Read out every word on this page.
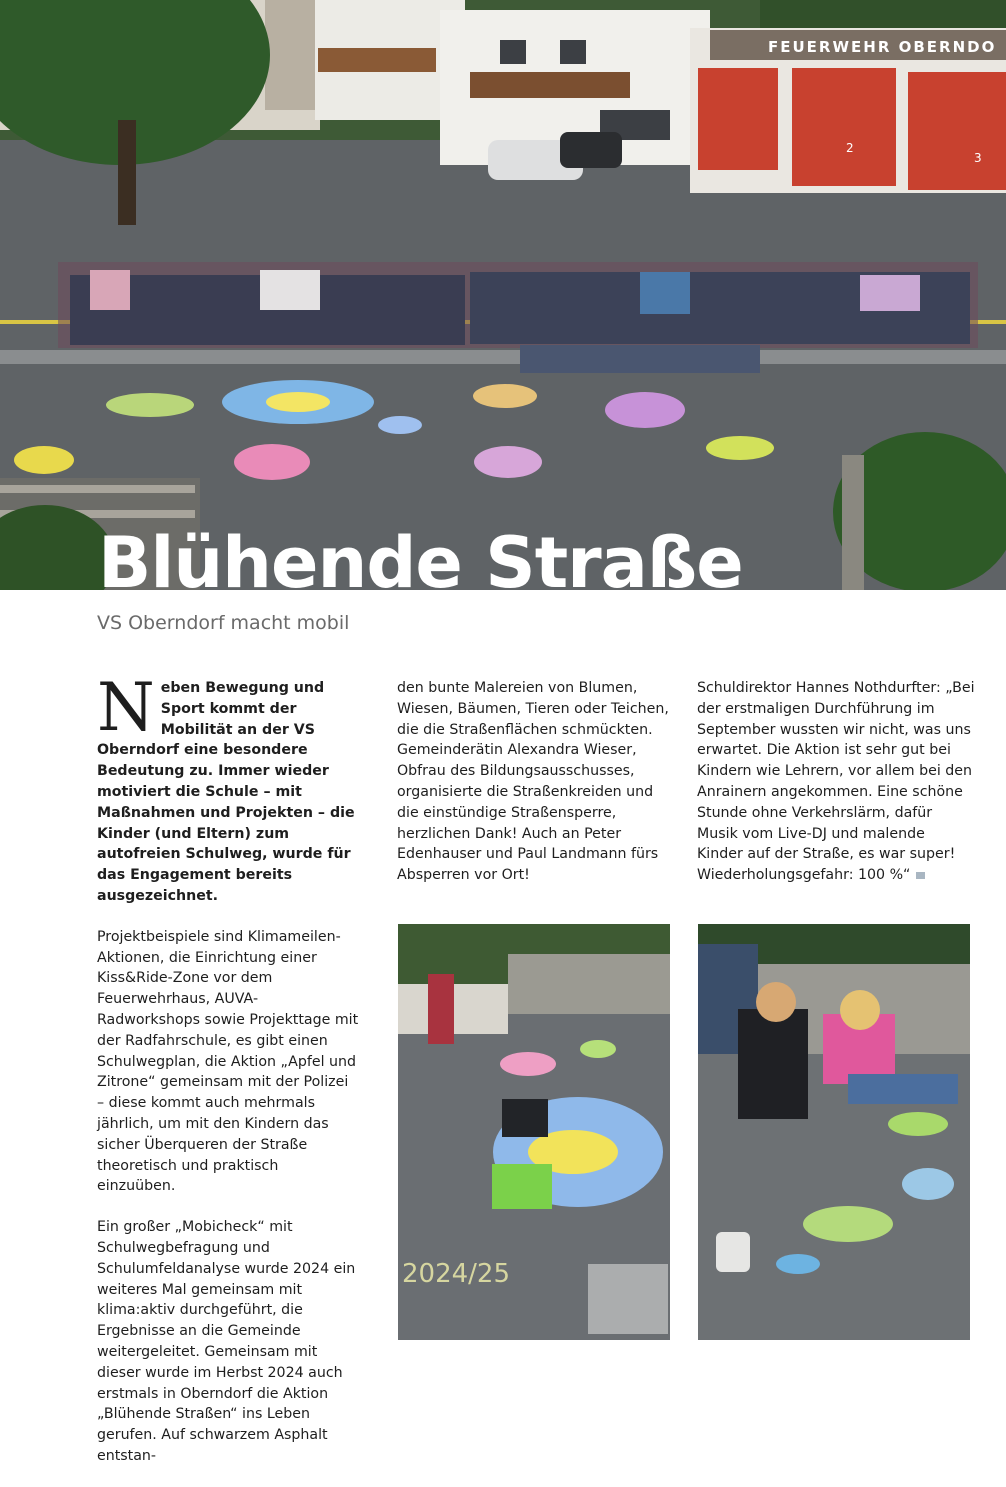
FEUERWEHR OBERNDO
2
3
Blühende Straße
VS Oberndorf macht mobil

Neben Bewegung und Sport kommt der Mobilität an der VS Oberndorf eine besondere Bedeutung zu. Immer wieder motiviert die Schule – mit Maßnahmen und Projekten – die Kinder (und Eltern) zum autofreien Schulweg, wurde für das Engagement bereits ausgezeichnet.

Projektbeispiele sind Klimameilen-Aktionen, die Einrichtung einer Kiss&Ride-Zone vor dem Feuerwehrhaus, AUVA-Radworkshops sowie Projekttage mit der Radfahrschule, es gibt einen Schulwegplan, die Aktion „Apfel und Zitrone“ gemeinsam mit der Polizei – diese kommt auch mehrmals jährlich, um mit den Kindern das sicher Überqueren der Straße theoretisch und praktisch einzuüben.

Ein großer „Mobicheck“ mit Schulwegbefragung und Schulumfeldanalyse wurde 2024 ein weiteres Mal gemeinsam mit klima:aktiv durchgeführt, die Ergebnisse an die Gemeinde weitergeleitet. Gemeinsam mit dieser wurde im Herbst 2024 auch erstmals in Oberndorf die Aktion „Blühende Straßen“ ins Leben gerufen. Auf schwarzem Asphalt entstan-

den bunte Malereien von Blumen, Wiesen, Bäumen, Tieren oder Teichen, die die Straßenflächen schmückten. Gemeinderätin Alexandra Wieser, Obfrau des Bildungsausschusses, organisierte die Straßenkreiden und die einstündige Straßensperre, herzlichen Dank! Auch an Peter Edenhauser und Paul Landmann fürs Absperren vor Ort!

Schuldirektor Hannes Nothdurfter: „Bei der erstmaligen Durchführung im September wussten wir nicht, was uns erwartet. Die Aktion ist sehr gut bei Kindern wie Lehrern, vor allem bei den Anrainern angekommen. Eine schöne Stunde ohne Verkehrslärm, dafür Musik vom Live-DJ und malende Kinder auf der Straße, es war super! Wiederholungsgefahr: 100 %“

2024/25
